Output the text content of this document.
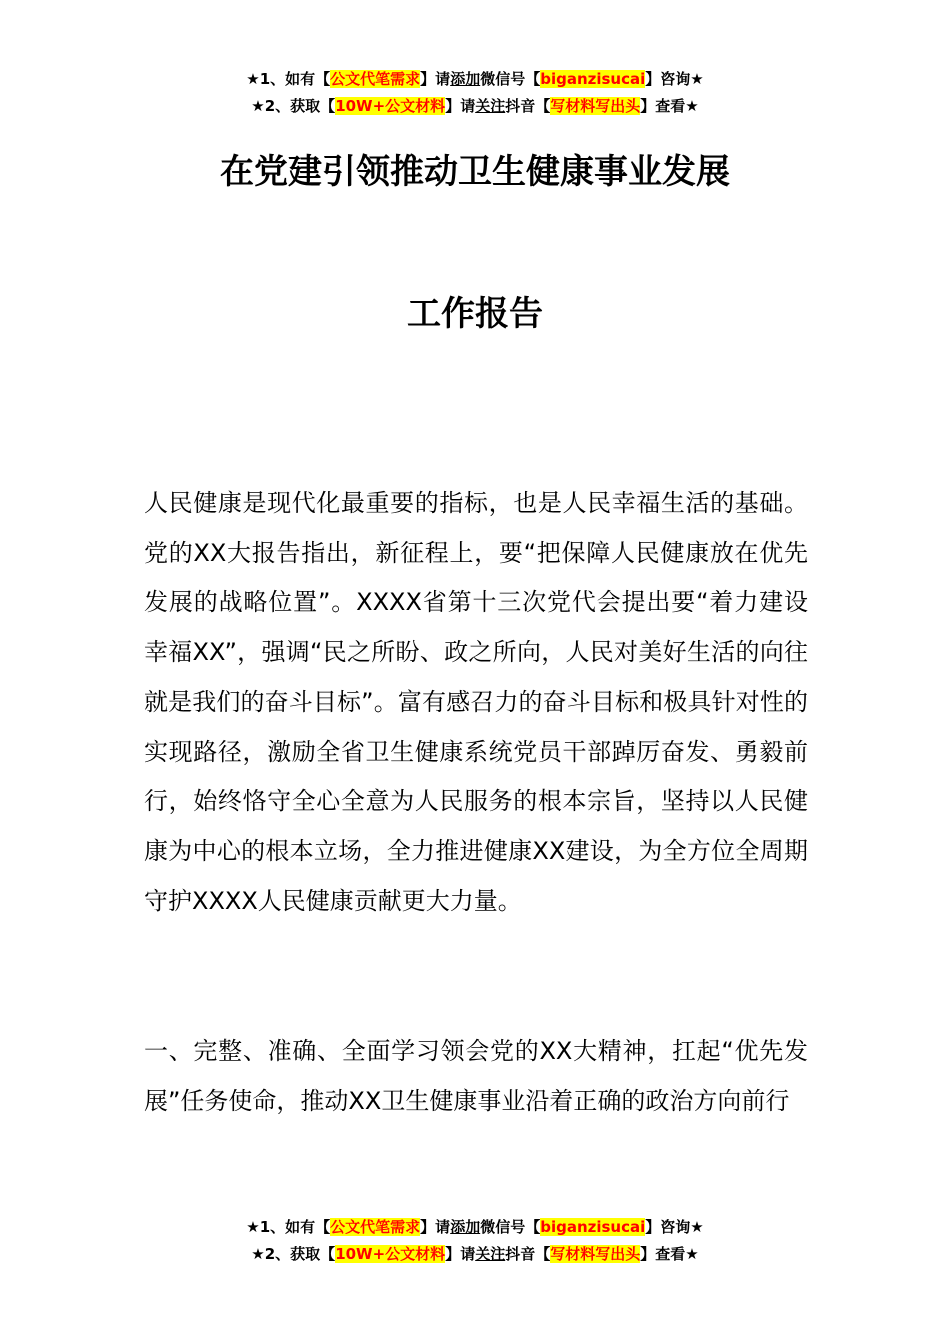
★1、如有【公文代笔需求】请添加微信号【biganzisucai】咨询★
★2、获取【10W+公文材料】请关注抖音【写材料写出头】查看★
在党建引领推动卫生健康事业发展
工作报告

人民健康是现代化最重要的指标，也是人民幸福生活的基础。党的XX大报告指出，新征程上，要“把保障人民健康放在优先发展的战略位置”。XXXX省第十三次党代会提出要“着力建设幸福XX”，强调“民之所盼、政之所向，人民对美好生活的向往就是我们的奋斗目标”。富有感召力的奋斗目标和极具针对性的实现路径，激励全省卫生健康系统党员干部踔厉奋发、勇毅前行，始终恪守全心全意为人民服务的根本宗旨，坚持以人民健康为中心的根本立场，全力推进健康XX建设，为全方位全周期守护XXXX人民健康贡献更大力量。

一、完整、准确、全面学习领会党的XX大精神，扛起“优先发展”任务使命，推动XX卫生健康事业沿着正确的政治方向前行

★1、如有【公文代笔需求】请添加微信号【biganzisucai】咨询★
★2、获取【10W+公文材料】请关注抖音【写材料写出头】查看★
